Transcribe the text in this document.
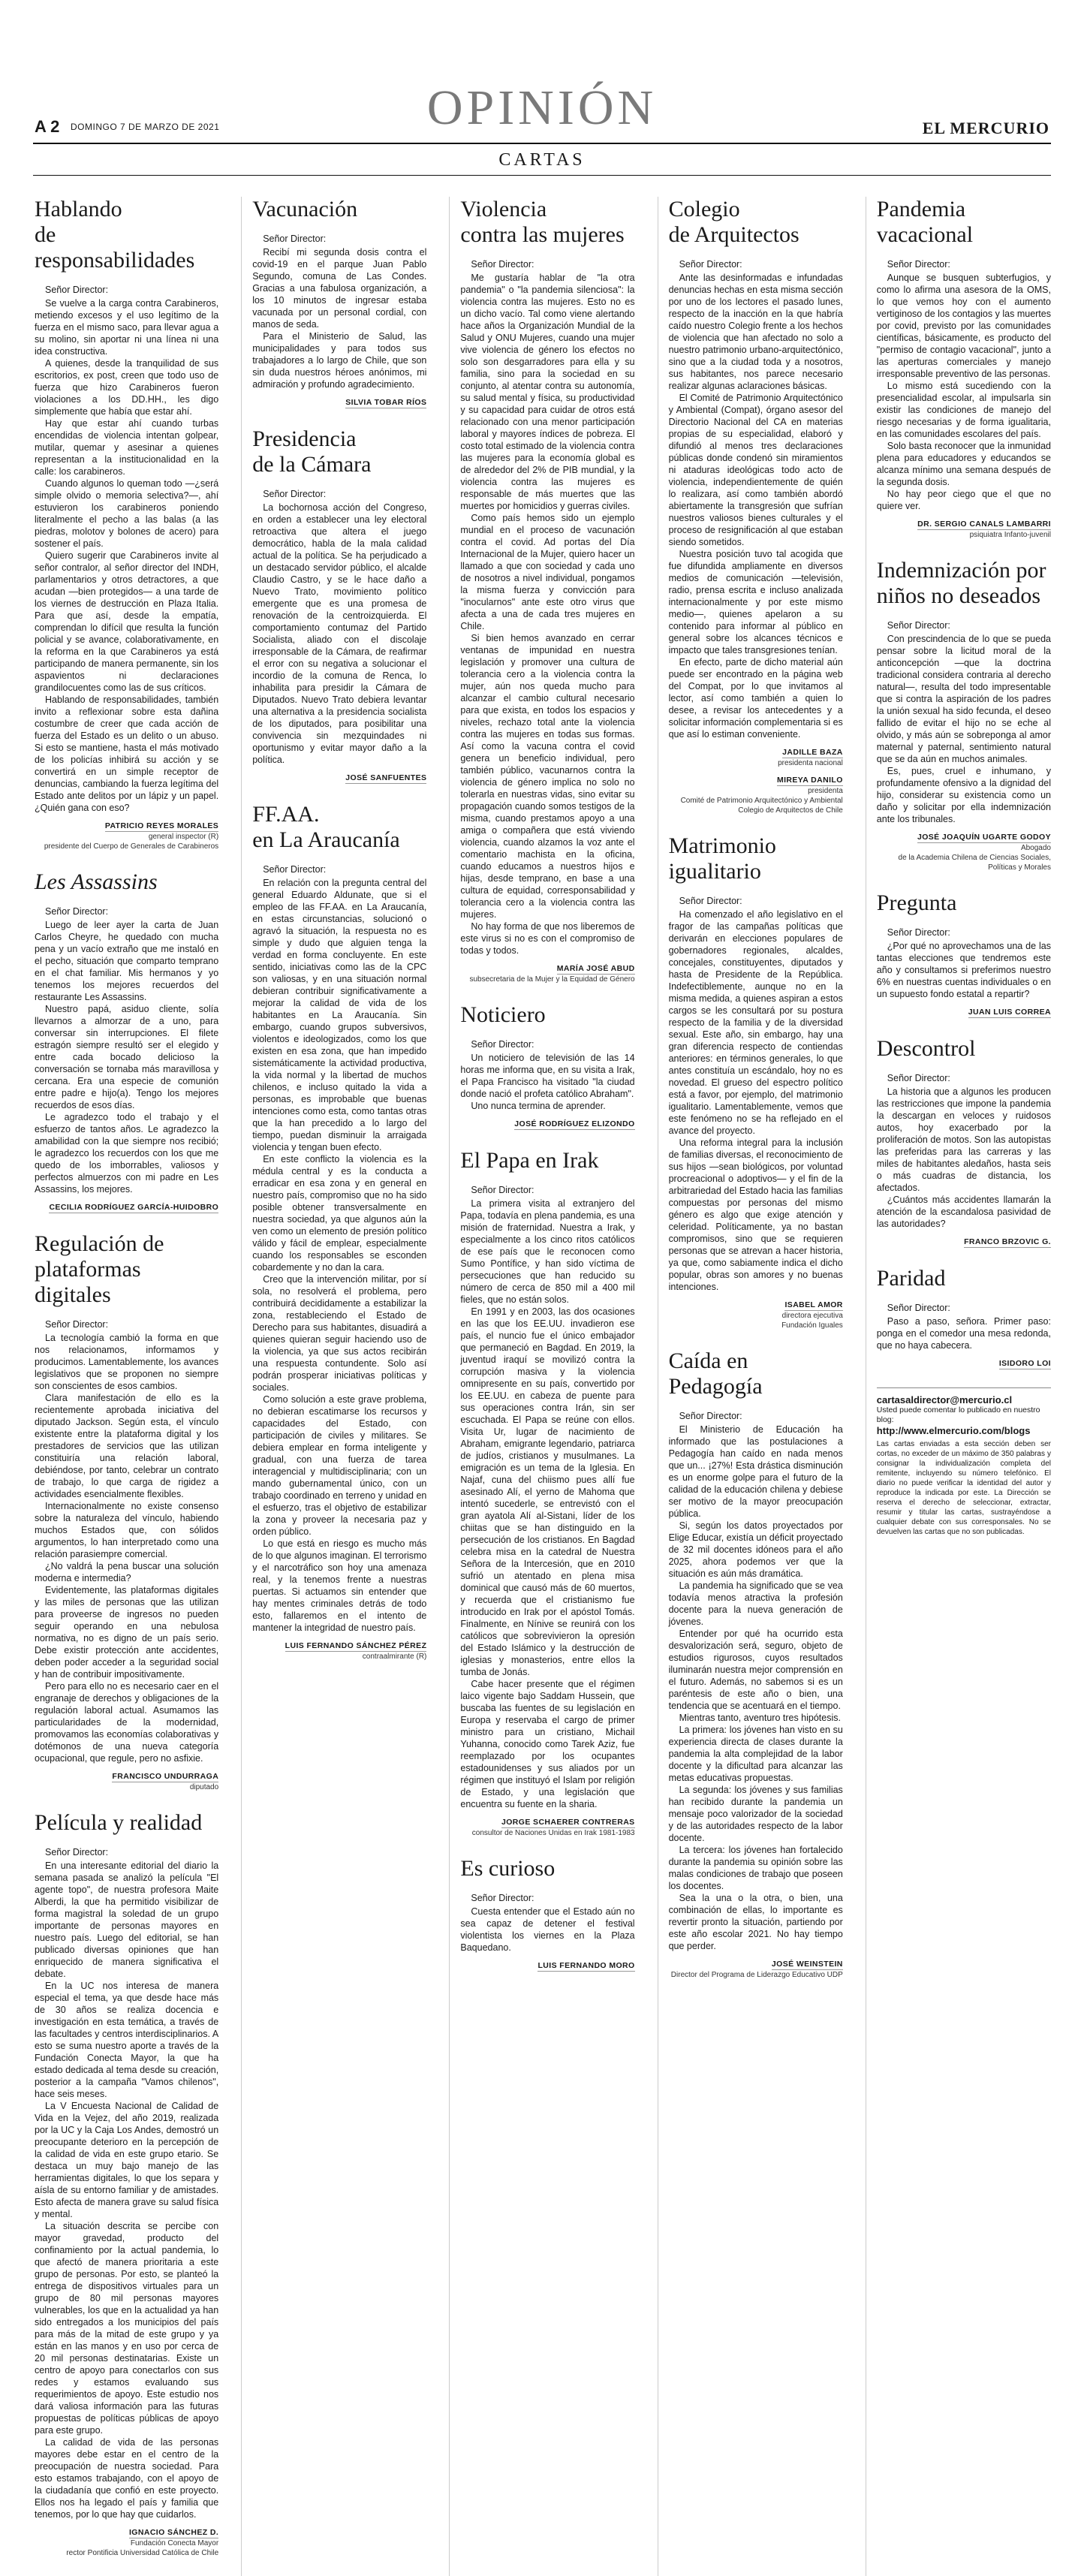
A 2 DOMINGO 7 DE MARZO DE 2021	OPINIÓN	EL MERCURIO
CARTAS
Hablando
de responsabilidades
Señor Director:

Se vuelve a la carga contra Carabineros, metiendo excesos y el uso legítimo de la fuerza en el mismo saco, para llevar agua a su molino, sin aportar ni una línea ni una idea constructiva.

A quienes, desde la tranquilidad de sus escritorios, ex post, creen que todo uso de fuerza que hizo Carabineros fueron violaciones a los DD.HH., les digo simplemente que había que estar ahí.

Hay que estar ahí cuando turbas encendidas de violencia intentan golpear, mutilar, quemar y asesinar a quienes representan a la institucionalidad en la calle: los carabineros.

Cuando algunos lo queman todo —¿será simple olvido o memoria selectiva?—, ahí estuvieron los carabineros poniendo literalmente el pecho a las balas (a las piedras, molotov y bolones de acero) para sostener el país.

Quiero sugerir que Carabineros invite al señor contralor, al señor director del INDH, parlamentarios y otros detractores, a que acudan —bien protegidos— a una tarde de los viernes de destrucción en Plaza Italia. Para que así, desde la empatía, comprendan lo difícil que resulta la función policial y se avance, colaborativamente, en la reforma en la que Carabineros ya está participando de manera permanente, sin los aspavientos ni declaraciones grandilocuentes como las de sus críticos.

Hablando de responsabilidades, también invito a reflexionar sobre esta dañina costumbre de creer que cada acción de fuerza del Estado es un delito o un abuso. Si esto se mantiene, hasta el más motivado de los policías inhibirá su acción y se convertirá en un simple receptor de denuncias, cambiando la fuerza legítima del Estado ante delitos por un lápiz y un papel. ¿Quién gana con eso?

PATRICIO REYES MORALES
general inspector (R)
presidente del Cuerpo de Generales de Carabineros
Les Assassins
Señor Director:

Luego de leer ayer la carta de Juan Carlos Cheyre, he quedado con mucha pena y un vacío extraño que me instaló en el pecho, situación que comparto temprano en el chat familiar. Mis hermanos y yo tenemos los mejores recuerdos del restaurante Les Assassins.

Nuestro papá, asiduo cliente, solía llevarnos a almorzar de a uno, para conversar sin interrupciones. El filete estragón siempre resultó ser el elegido y entre cada bocado delicioso la conversación se tornaba más maravillosa y cercana. Era una especie de comunión entre padre e hijo(a). Tengo los mejores recuerdos de esos días.

Le agradezco todo el trabajo y el esfuerzo de tantos años. Le agradezco la amabilidad con la que siempre nos recibió; le agradezco los recuerdos con los que me quedo de los imborrables, valiosos y perfectos almuerzos con mi padre en Les Assassins, los mejores.

CECILIA RODRÍGUEZ GARCÍA-HUIDOBRO
Regulación de
plataformas digitales
Señor Director:

La tecnología cambió la forma en que nos relacionamos, informamos y producimos. Lamentablemente, los avances legislativos que se proponen no siempre son conscientes de esos cambios.

Clara manifestación de ello es la recientemente aprobada iniciativa del diputado Jackson. Según esta, el vínculo existente entre la plataforma digital y los prestadores de servicios que las utilizan constituiría una relación laboral, debiéndose, por tanto, celebrar un contrato de trabajo, lo que carga de rigidez a actividades esencialmente flexibles.

Internacionalmente no existe consenso sobre la naturaleza del vínculo, habiendo muchos Estados que, con sólidos argumentos, lo han interpretado como una relación parasiempre comercial.

¿No valdrá la pena buscar una solución moderna e intermedia?

Evidentemente, las plataformas digitales y las miles de personas que las utilizan para proveerse de ingresos no pueden seguir operando en una nebulosa normativa, no es digno de un país serio. Debe existir protección ante accidentes, deben poder acceder a la seguridad social y han de contribuir impositivamente.

Pero para ello no es necesario caer en el engranaje de derechos y obligaciones de la regulación laboral actual. Asumamos las particularidades de la modernidad, promovamos las economías colaborativas y dotémonos de una nueva categoría ocupacional, que regule, pero no asfixie.

FRANCISCO UNDURRAGA
diputado
Película y realidad
Señor Director:

En una interesante editorial del diario la semana pasada se analizó la película "El agente topo", de nuestra profesora Maite Alberdi, la que ha permitido visibilizar de forma magistral la soledad de un grupo importante de personas mayores en nuestro país. Luego del editorial, se han publicado diversas opiniones que han enriquecido de manera significativa el debate.

En la UC nos interesa de manera especial el tema, ya que desde hace más de 30 años se realiza docencia e investigación en esta temática, a través de las facultades y centros interdisciplinarios. A esto se suma nuestro aporte a través de la Fundación Conecta Mayor, la que ha estado dedicada al tema desde su creación, posterior a la campaña "Vamos chilenos", hace seis meses.

La V Encuesta Nacional de Calidad de Vida en la Vejez, del año 2019, realizada por la UC y la Caja Los Andes, demostró un preocupante deterioro en la percepción de la calidad de vida en este grupo etario. Se destaca un muy bajo manejo de las herramientas digitales, lo que los separa y aísla de su entorno familiar y de amistades. Esto afecta de manera grave su salud física y mental.

La situación descrita se percibe con mayor gravedad, producto del confinamiento por la actual pandemia, lo que afectó de manera prioritaria a este grupo de personas. Por esto, se planteó la entrega de dispositivos virtuales para un grupo de 80 mil personas mayores vulnerables, los que en la actualidad ya han sido entregados a los municipios del país para más de la mitad de este grupo y ya están en las manos y en uso por cerca de 20 mil personas destinatarias. Existe un centro de apoyo para conectarlos con sus redes y estamos evaluando sus requerimientos de apoyo. Este estudio nos dará valiosa información para las futuras propuestas de políticas públicas de apoyo para este grupo.

La calidad de vida de las personas mayores debe estar en el centro de la preocupación de nuestra sociedad. Para esto estamos trabajando, con el apoyo de la ciudadanía que confió en este proyecto. Ellos nos ha legado el país y familia que tenemos, por lo que hay que cuidarlos.

IGNACIO SÁNCHEZ D.
Fundación Conecta Mayor
rector Pontificia Universidad Católica de Chile
Vacunación
Señor Director:

Recibí mi segunda dosis contra el covid-19 en el parque Juan Pablo Segundo, comuna de Las Condes. Gracias a una fabulosa organización, a los 10 minutos de ingresar estaba vacunada por un personal cordial, con manos de seda.

Para el Ministerio de Salud, las municipalidades y para todos sus trabajadores a lo largo de Chile, que son sin duda nuestros héroes anónimos, mi admiración y profundo agradecimiento.

SILVIA TOBAR RÍOS
Presidencia
de la Cámara
Señor Director:

La bochornosa acción del Congreso, en orden a establecer una ley electoral retroactiva que altera el juego democrático, habla de la mala calidad actual de la política. Se ha perjudicado a un destacado servidor público, el alcalde Claudio Castro, y se le hace daño a Nuevo Trato, movimiento político emergente que es una promesa de renovación de la centroizquierda. El comportamiento contumaz del Partido Socialista, aliado con el discolaje irresponsable de la Cámara, de reafirmar el error con su negativa a solucionar el incordio de la comuna de Renca, lo inhabilita para presidir la Cámara de Diputados. Nuevo Trato debiera levantar una alternativa a la presidencia socialista de los diputados, para posibilitar una convivencia sin mezquindades ni oportunismo y evitar mayor daño a la política.

JOSÉ SANFUENTES
FF.AA.
en La Araucanía
Señor Director:

En relación con la pregunta central del general Eduardo Aldunate, que si el empleo de las FF.AA. en La Araucanía, en estas circunstancias, solucionó o agravó la situación, la respuesta no es simple y dudo que alguien tenga la verdad en forma concluyente. En este sentido, iniciativas como las de la CPC son valiosas, y en una situación normal debieran contribuir significativamente a mejorar la calidad de vida de los habitantes en La Araucanía. Sin embargo, cuando grupos subversivos, violentos e ideologizados, como los que existen en esa zona, que han impedido sistemáticamente la actividad productiva, la vida normal y la libertad de muchos chilenos, e incluso quitado la vida a personas, es improbable que buenas intenciones como esta, como tantas otras que la han precedido a lo largo del tiempo, puedan disminuir la arraigada violencia y tengan buen efecto.

En este conflicto la violencia es la médula central y es la conducta a erradicar en esa zona y en general en nuestro país, compromiso que no ha sido posible obtener transversalmente en nuestra sociedad, ya que algunos aún la ven como un elemento de presión político válido y fácil de emplear, especialmente cuando los responsables se esconden cobardemente y no dan la cara.

Creo que la intervención militar, por sí sola, no resolverá el problema, pero contribuirá decididamente a estabilizar la zona, restableciendo el Estado de Derecho para sus habitantes, disuadirá a quienes quieran seguir haciendo uso de la violencia, ya que sus actos recibirán una respuesta contundente. Solo así podrán prosperar iniciativas políticas y sociales.

Como solución a este grave problema, no debieran escatimarse los recursos y capacidades del Estado, con participación de civiles y militares. Se debiera emplear en forma inteligente y gradual, con una fuerza de tarea interagencial y multidisciplinaria; con un mando gubernamental único, con un trabajo coordinado en terreno y unidad en el esfuerzo, tras el objetivo de estabilizar la zona y proveer la necesaria paz y orden público.

Lo que está en riesgo es mucho más de lo que algunos imaginan. El terrorismo y el narcotráfico son hoy una amenaza real, y la tenemos frente a nuestras puertas. Si actuamos sin entender que hay mentes criminales detrás de todo esto, fallaremos en el intento de mantener la integridad de nuestro país.

LUIS FERNANDO SÁNCHEZ PÉREZ
contraalmirante (R)
Violencia
contra las mujeres
Señor Director:

Me gustaría hablar de "la otra pandemia" o "la pandemia silenciosa": la violencia contra las mujeres. Esto no es un dicho vacío. Tal como viene alertando hace años la Organización Mundial de la Salud y ONU Mujeres, cuando una mujer vive violencia de género los efectos no solo son desgarradores para ella y su familia, sino para la sociedad en su conjunto, al atentar contra su autonomía, su salud mental y física, su productividad y su capacidad para cuidar de otros está relacionado con una menor participación laboral y mayores índices de pobreza. El costo total estimado de la violencia contra las mujeres para la economía global es de alrededor del 2% de PIB mundial, y la violencia contra las mujeres es responsable de más muertes que las muertes por homicidios y guerras civiles.

Como país hemos sido un ejemplo mundial en el proceso de vacunación contra el covid. Ad portas del Día Internacional de la Mujer, quiero hacer un llamado a que con sociedad y cada uno de nosotros a nivel individual, pongamos la misma fuerza y convicción para "inocularnos" ante este otro virus que afecta a una de cada tres mujeres en Chile.

Si bien hemos avanzado en cerrar ventanas de impunidad en nuestra legislación y promover una cultura de tolerancia cero a la violencia contra la mujer, aún nos queda mucho para alcanzar el cambio cultural necesario para que exista, en todos los espacios y niveles, rechazo total ante la violencia contra las mujeres en todas sus formas. Así como la vacuna contra el covid genera un beneficio individual, pero también público, vacunarnos contra la violencia de género implica no solo no tolerarla en nuestras vidas, sino evitar su propagación cuando somos testigos de la misma, cuando prestamos apoyo a una amiga o compañera que está viviendo violencia, cuando alzamos la voz ante el comentario machista en la oficina, cuando educamos a nuestros hijos e hijas, desde temprano, en base a una cultura de equidad, corresponsabilidad y tolerancia cero a la violencia contra las mujeres.

No hay forma de que nos liberemos de este virus si no es con el compromiso de todas y todos.

MARÍA JOSÉ ABUD
subsecretaria de la Mujer y la Equidad de Género
Noticiero
Señor Director:

Un noticiero de televisión de las 14 horas me informa que, en su visita a Irak, el Papa Francisco ha visitado "la ciudad donde nació el profeta católico Abraham".

Uno nunca termina de aprender.

JOSÉ RODRÍGUEZ ELIZONDO
El Papa en Irak
Señor Director:

La primera visita al extranjero del Papa, todavía en plena pandemia, es una misión de fraternidad. Nuestra a Irak, y especialmente a los cinco ritos católicos de ese país que le reconocen como Sumo Pontífice, y han sido víctima de persecuciones que han reducido su número de cerca de 850 mil a 400 mil fieles, que no están solos.

En 1991 y en 2003, las dos ocasiones en las que los EE.UU. invadieron ese país, el nuncio fue el único embajador que permaneció en Bagdad. En 2019, la juventud iraquí se movilizó contra la corrupción masiva y la violencia omnipresente en su país, convertido por los EE.UU. en cabeza de puente para sus operaciones contra Irán, sin ser escuchada. El Papa se reúne con ellos. Visita Ur, lugar de nacimiento de Abraham, emigrante legendario, patriarca de judíos, cristianos y musulmanes. La emigración es un tema de la Iglesia. En Najaf, cuna del chiismo pues allí fue asesinado Alí, el yerno de Mahoma que intentó sucederle, se entrevistó con el gran ayatola Alí al-Sistani, líder de los chiitas que se han distinguido en la persecución de los cristianos. En Bagdad celebra misa en la catedral de Nuestra Señora de la Intercesión, que en 2010 sufrió un atentado en plena misa dominical que causó más de 60 muertos, y recuerda que el cristianismo fue introducido en Irak por el apóstol Tomás. Finalmente, en Nínive se reunirá con los católicos que sobrevivieron la opresión del Estado Islámico y la destrucción de iglesias y monasterios, entre ellos la tumba de Jonás.

Cabe hacer presente que el régimen laico vigente bajo Saddam Hussein, que buscaba las fuentes de su legislación en Europa y reservaba el cargo de primer ministro para un cristiano, Michail Yuhanna, conocido como Tarek Aziz, fue reemplazado por los ocupantes estadounidenses y sus aliados por un régimen que instituyó el Islam por religión de Estado, y una legislación que encuentra su fuente en la sharia.

JORGE SCHAERER CONTRERAS
consultor de Naciones Unidas en Irak 1981-1983
Es curioso
Señor Director:

Cuesta entender que el Estado aún no sea capaz de detener el festival violentista los viernes en la Plaza Baquedano.

LUIS FERNANDO MORO
Colegio
de Arquitectos
Señor Director:

Ante las desinformadas e infundadas denuncias hechas en esta misma sección por uno de los lectores el pasado lunes, respecto de la inacción en la que habría caído nuestro Colegio frente a los hechos de violencia que han afectado no solo a nuestro patrimonio urbano-arquitectónico, sino que a la ciudad toda y a nosotros, sus habitantes, nos parece necesario realizar algunas aclaraciones básicas.

El Comité de Patrimonio Arquitectónico y Ambiental (Compat), órgano asesor del Directorio Nacional del CA en materias propias de su especialidad, elaboró y difundió al menos tres declaraciones públicas donde condenó sin miramientos ni ataduras ideológicas todo acto de violencia, independientemente de quién lo realizara, así como también abordó abiertamente la transgresión que sufrían nuestros valiosos bienes culturales y el proceso de resignificación al que estaban siendo sometidos.

Nuestra posición tuvo tal acogida que fue difundida ampliamente en diversos medios de comunicación —televisión, radio, prensa escrita e incluso analizada internacionalmente y por este mismo medio—, quienes apelaron a su contenido para informar al público en general sobre los alcances técnicos e impacto que tales transgresiones tenían.

En efecto, parte de dicho material aún puede ser encontrado en la página web del Compat, por lo que invitamos al lector, así como también a quien lo desee, a revisar los antecedentes y a solicitar información complementaria si es que así lo estiman conveniente.

JADILLE BAZA
presidenta nacional
MIREYA DANILO
presidenta
Comité de Patrimonio Arquitectónico y Ambiental
Colegio de Arquitectos de Chile
Matrimonio
igualitario
Señor Director:

Ha comenzado el año legislativo en el fragor de las campañas políticas que derivarán en elecciones populares de gobernadores regionales, alcaldes, concejales, constituyentes, diputados y hasta de Presidente de la República. Indefectiblemente, aunque no en la misma medida, a quienes aspiran a estos cargos se les consultará por su postura respecto de la familia y de la diversidad sexual. Este año, sin embargo, hay una gran diferencia respecto de contiendas anteriores: en términos generales, lo que antes constituía un escándalo, hoy no es novedad. El grueso del espectro político está a favor, por ejemplo, del matrimonio igualitario. Lamentablemente, vemos que este fenómeno no se ha reflejado en el avance del proyecto.

Una reforma integral para la inclusión de familias diversas, el reconocimiento de sus hijos —sean biológicos, por voluntad procreacional o adoptivos— y el fin de la arbitrariedad del Estado hacia las familias compuestas por personas del mismo género es algo que exige atención y celeridad. Políticamente, ya no bastan compromisos, sino que se requieren personas que se atrevan a hacer historia, ya que, como sabiamente indica el dicho popular, obras son amores y no buenas intenciones.

ISABEL AMOR
directora ejecutiva
Fundación Iguales
Caída en Pedagogía
Señor Director:

El Ministerio de Educación ha informado que las postulaciones a Pedagogía han caído en nada menos que un... ¡27%! Esta drástica disminución es un enorme golpe para el futuro de la calidad de la educación chilena y debiese ser motivo de la mayor preocupación pública.

Si, según los datos proyectados por Elige Educar, existía un déficit proyectado de 32 mil docentes idóneos para el año 2025, ahora podemos ver que la situación es aún más dramática.

La pandemia ha significado que se vea todavía menos atractiva la profesión docente para la nueva generación de jóvenes.

Entender por qué ha ocurrido esta desvalorización será, seguro, objeto de estudios rigurosos, cuyos resultados iluminarán nuestra mejor comprensión en el futuro. Además, no sabemos si es un paréntesis de este año o bien, una tendencia que se acentuará en el tiempo.

Mientras tanto, aventuro tres hipótesis.

La primera: los jóvenes han visto en su experiencia directa de clases durante la pandemia la alta complejidad de la labor docente y la dificultad para alcanzar las metas educativas propuestas.

La segunda: los jóvenes y sus familias han recibido durante la pandemia un mensaje poco valorizador de la sociedad y de las autoridades respecto de la labor docente.

La tercera: los jóvenes han fortalecido durante la pandemia su opinión sobre las malas condiciones de trabajo que poseen los docentes.

Sea la una o la otra, o bien, una combinación de ellas, lo importante es revertir pronto la situación, partiendo por este año escolar 2021. No hay tiempo que perder.

JOSÉ WEINSTEIN
Director del Programa de Liderazgo Educativo UDP
Pandemia vacacional
Señor Director:

Aunque se busquen subterfugios, y como lo afirma una asesora de la OMS, lo que vemos hoy con el aumento vertiginoso de los contagios y las muertes por covid, previsto por las comunidades científicas, básicamente, es producto del "permiso de contagio vacacional", junto a las aperturas comerciales y manejo irresponsable preventivo de las personas.

Lo mismo está sucediendo con la presencialidad escolar, al impulsarla sin existir las condiciones de manejo del riesgo necesarias y de forma igualitaria, en las comunidades escolares del país.

Solo basta reconocer que la inmunidad plena para educadores y educandos se alcanza mínimo una semana después de la segunda dosis.

No hay peor ciego que el que no quiere ver.

DR. SERGIO CANALS LAMBARRI
psiquiatra Infanto-juvenil
Indemnización por
niños no deseados
Señor Director:

Con prescindencia de lo que se pueda pensar sobre la licitud moral de la anticoncepción —que la doctrina tradicional considera contraria al derecho natural—, resulta del todo impresentable que si contra la aspiración de los padres la unión sexual ha sido fecunda, el deseo fallido de evitar el hijo no se eche al olvido, y más aún se sobreponga al amor maternal y paternal, sentimiento natural que se da aún en muchos animales.

Es, pues, cruel e inhumano, y profundamente ofensivo a la dignidad del hijo, considerar su existencia como un daño y solicitar por ella indemnización ante los tribunales.

JOSÉ JOAQUÍN UGARTE GODOY
Abogado
de la Academia Chilena de Ciencias Sociales, Políticas y Morales
Pregunta
Señor Director:

¿Por qué no aprovechamos una de las tantas elecciones que tendremos este año y consultamos si preferimos nuestro 6% en nuestras cuentas individuales o en un supuesto fondo estatal a repartir?

JUAN LUIS CORREA
Descontrol
Señor Director:

La historia que a algunos les producen las restricciones que impone la pandemia la descargan en veloces y ruidosos autos, hoy exacerbado por la proliferación de motos. Son las autopistas las preferidas para las carreras y las miles de habitantes aledaños, hasta seis o más cuadras de distancia, los afectados.

¿Cuántos más accidentes llamarán la atención de la escandalosa pasividad de las autoridades?

FRANCO BRZOVIC G.
Paridad
Señor Director:

Paso a paso, señora. Primer paso: ponga en el comedor una mesa redonda, que no haya cabecera.

ISIDORO LOI
cartasaldirector@mercurio.cl
Usted puede comentar lo publicado en nuestro blog:
http://www.elmercurio.com/blogs
Las cartas enviadas a esta sección deben ser cortas, no exceder de un máximo de 350 palabras y consignar la individualización completa del remitente, incluyendo su número telefónico. El diario no puede verificar la identidad del autor y reproduce la indicada por este. La Dirección se reserva el derecho de seleccionar, extractar, resumir y titular las cartas, sustrayéndose a cualquier debate con sus corresponsales. No se devuelven las cartas que no son publicadas.
